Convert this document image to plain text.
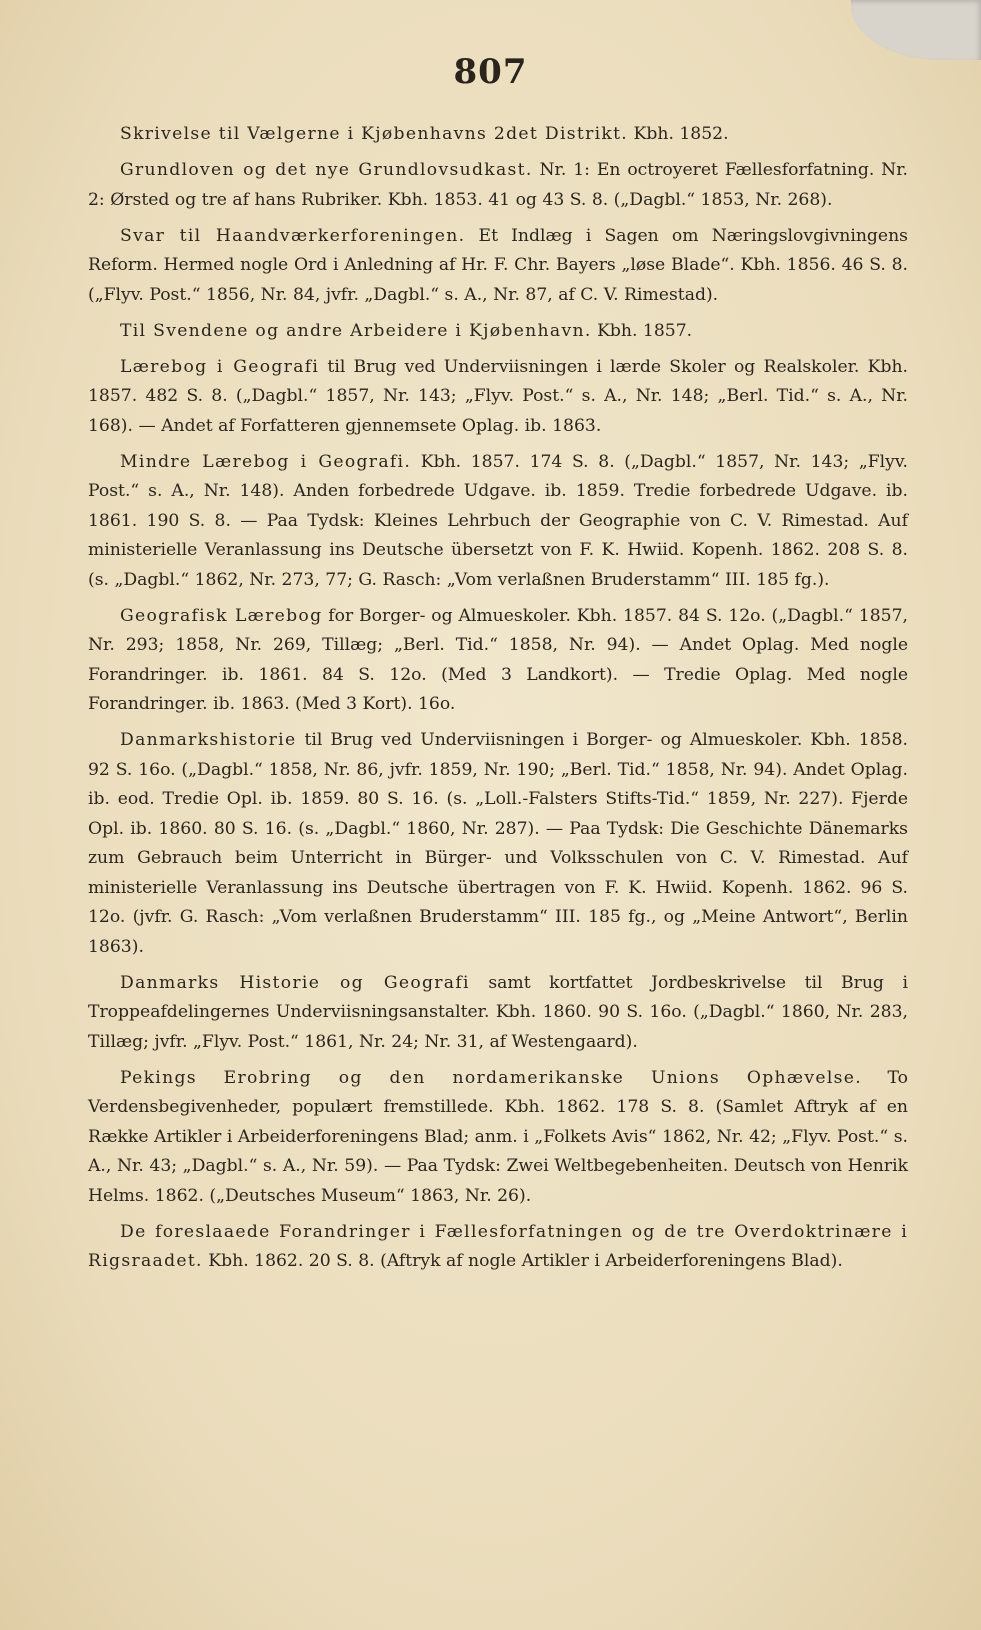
807

Skrivelse til Vælgerne i Kjøbenhavns 2det Distrikt. Kbh. 1852.

Grundloven og det nye Grundlovsudkast. Nr. 1: En octroyeret Fællesforfatning. Nr. 2: Ørsted og tre af hans Rubriker. Kbh. 1853. 41 og 43 S. 8. („Dagbl.“ 1853, Nr. 268).

Svar til Haandværkerforeningen. Et Indlæg i Sagen om Næringslovgivningens Reform. Hermed nogle Ord i Anledning af Hr. F. Chr. Bayers „løse Blade“. Kbh. 1856. 46 S. 8. („Flyv. Post.“ 1856, Nr. 84, jvfr. „Dagbl.“ s. A., Nr. 87, af C. V. Rimestad).

Til Svendene og andre Arbeidere i Kjøbenhavn. Kbh. 1857.

Lærebog i Geografi til Brug ved Underviisningen i lærde Skoler og Realskoler. Kbh. 1857. 482 S. 8. („Dagbl.“ 1857, Nr. 143; „Flyv. Post.“ s. A., Nr. 148; „Berl. Tid.“ s. A., Nr. 168). — Andet af Forfatteren gjennemsete Oplag. ib. 1863.

Mindre Lærebog i Geografi. Kbh. 1857. 174 S. 8. („Dagbl.“ 1857, Nr. 143; „Flyv. Post.“ s. A., Nr. 148). Anden forbedrede Udgave. ib. 1859. Tredie forbedrede Udgave. ib. 1861. 190 S. 8. — Paa Tydsk: Kleines Lehrbuch der Geographie von C. V. Rimestad. Auf ministerielle Veranlassung ins Deutsche übersetzt von F. K. Hwiid. Kopenh. 1862. 208 S. 8. (s. „Dagbl.“ 1862, Nr. 273, 77; G. Rasch: „Vom verlaßnen Bruderstamm“ III. 185 fg.).

Geografisk Lærebog for Borger- og Almueskoler. Kbh. 1857. 84 S. 12o. („Dagbl.“ 1857, Nr. 293; 1858, Nr. 269, Tillæg; „Berl. Tid.“ 1858, Nr. 94). — Andet Oplag. Med nogle Forandringer. ib. 1861. 84 S. 12o. (Med 3 Landkort). — Tredie Oplag. Med nogle Forandringer. ib. 1863. (Med 3 Kort). 16o.

Danmarkshistorie til Brug ved Underviisningen i Borger- og Almueskoler. Kbh. 1858. 92 S. 16o. („Dagbl.“ 1858, Nr. 86, jvfr. 1859, Nr. 190; „Berl. Tid.“ 1858, Nr. 94). Andet Oplag. ib. eod. Tredie Opl. ib. 1859. 80 S. 16. (s. „Loll.-Falsters Stifts-Tid.“ 1859, Nr. 227). Fjerde Opl. ib. 1860. 80 S. 16. (s. „Dagbl.“ 1860, Nr. 287). — Paa Tydsk: Die Geschichte Dänemarks zum Gebrauch beim Unterricht in Bürger- und Volksschulen von C. V. Rimestad. Auf ministerielle Veranlassung ins Deutsche übertragen von F. K. Hwiid. Kopenh. 1862. 96 S. 12o. (jvfr. G. Rasch: „Vom verlaßnen Bruderstamm“ III. 185 fg., og „Meine Antwort“, Berlin 1863).

Danmarks Historie og Geografi samt kortfattet Jordbeskrivelse til Brug i Troppeafdelingernes Underviisningsanstalter. Kbh. 1860. 90 S. 16o. („Dagbl.“ 1860, Nr. 283, Tillæg; jvfr. „Flyv. Post.“ 1861, Nr. 24; Nr. 31, af Westengaard).

Pekings Erobring og den nordamerikanske Unions Ophævelse. To Verdensbegivenheder, populært fremstillede. Kbh. 1862. 178 S. 8. (Samlet Aftryk af en Række Artikler i Arbeiderforeningens Blad; anm. i „Folkets Avis“ 1862, Nr. 42; „Flyv. Post.“ s. A., Nr. 43; „Dagbl.“ s. A., Nr. 59). — Paa Tydsk: Zwei Weltbegebenheiten. Deutsch von Henrik Helms. 1862. („Deutsches Museum“ 1863, Nr. 26).

De foreslaaede Forandringer i Fællesforfatningen og de tre Overdoktrinære i Rigsraadet. Kbh. 1862. 20 S. 8. (Aftryk af nogle Artikler i Arbeiderforeningens Blad).
